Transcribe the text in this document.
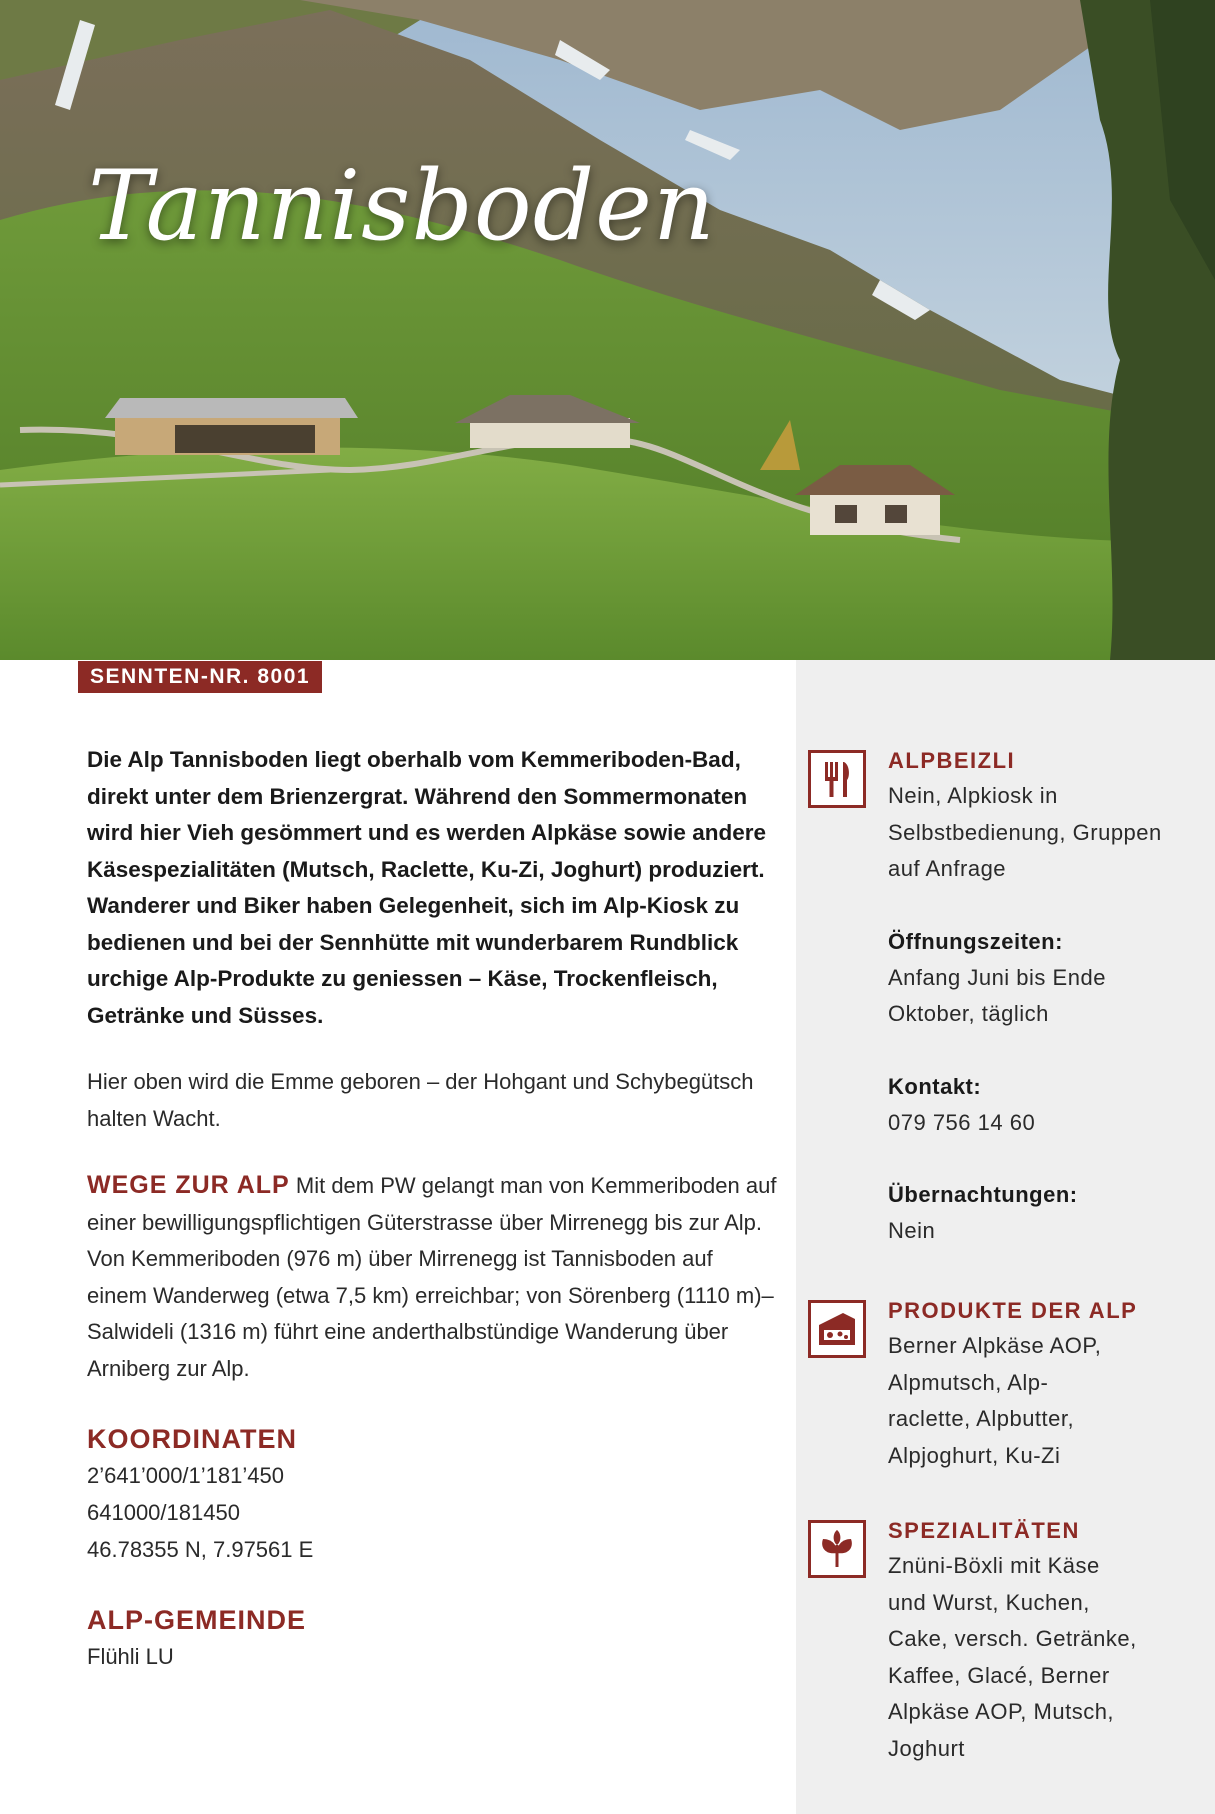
Tannisboden
SENNTEN-NR. 8001

Die Alp Tannisboden liegt oberhalb vom Kemmeriboden-Bad, direkt unter dem Brienzergrat. Während den Sommermonaten wird hier Vieh gesömmert und es werden Alpkäse sowie andere Käsespezialitäten (Mutsch, Raclette, Ku-Zi, Joghurt) produziert. Wanderer und Biker haben Gelegenheit, sich im Alp-Kiosk zu bedienen und bei der Sennhütte mit wunderbarem Rundblick urchige Alp-Produkte zu geniessen – Käse, Trockenfleisch, Getränke und Süsses.

Hier oben wird die Emme geboren – der Hohgant und Schybegütsch halten Wacht.

WEGE ZUR ALP Mit dem PW gelangt man von Kemmeriboden auf einer bewilligungspflichtigen Güterstrasse über Mirrenegg bis zur Alp. Von Kemmeriboden (976 m) über Mirrenegg ist Tannisboden auf einem Wanderweg (etwa 7,5 km) erreichbar; von Sörenberg (1110 m)–Salwideli (1316 m) führt eine anderthalbstündige Wanderung über Arniberg zur Alp.

KOORDINATEN
2’641’000/1’181’450
641000/181450
46.78355 N, 7.97561 E
ALP-GEMEINDE
Flühli LU
ALPBEIZLI

Nein, Alpkiosk in Selbstbedienung, Gruppen auf Anfrage

Öffnungszeiten:

Anfang Juni bis Ende Oktober, täglich

Kontakt:

079 756 14 60

Übernachtungen:

Nein

PRODUKTE DER ALP

Berner Alpkäse AOP, Alpmutsch, Alpraclette, Alpbutter, Alpjoghurt, Ku-Zi

SPEZIALITÄTEN

Znüni-Böxli mit Käse und Wurst, Kuchen, Cake, versch. Getränke, Kaffee, Glacé, Berner Alpkäse AOP, Mutsch, Joghurt
